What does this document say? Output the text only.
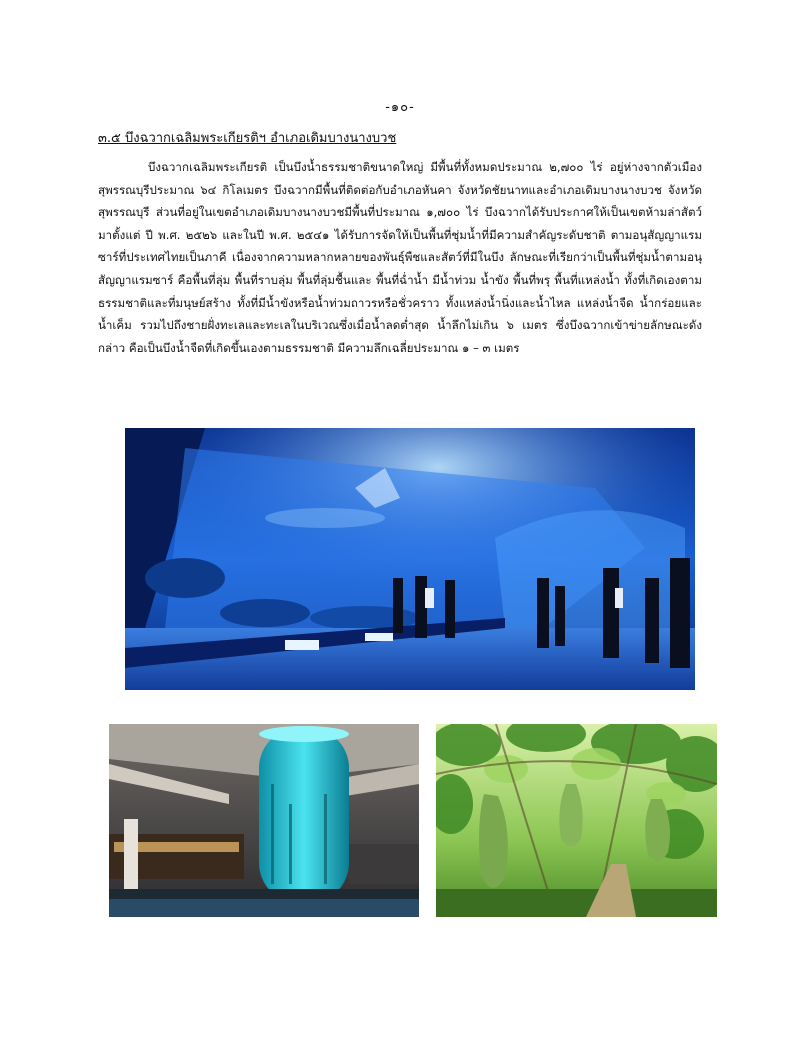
-๑๐-
๓.๕ บึงฉวากเฉลิมพระเกียรติฯ อำเภอเดิมบางนางบวช

บึงฉวากเฉลิมพระเกียรติ เป็นบึงน้ำธรรมชาติขนาดใหญ่ มีพื้นที่ทั้งหมดประมาณ ๒,๗๐๐ ไร่ อยู่ห่างจากตัวเมืองสุพรรณบุรีประมาณ ๖๔ กิโลเมตร บึงฉวากมีพื้นที่ติดต่อกับอำเภอหันคา จังหวัดชัยนาทและอำเภอเดิมบางนางบวช จังหวัดสุพรรณบุรี ส่วนที่อยู่ในเขตอำเภอเดิมบางนางบวชมีพื้นที่ประมาณ ๑,๗๐๐ ไร่ บึงฉวากได้รับประกาศให้เป็นเขตห้ามล่าสัตว์มาตั้งแต่ ปี พ.ศ. ๒๕๒๖ และในปี พ.ศ. ๒๕๔๑ ได้รับการจัดให้เป็นพื้นที่ชุ่มน้ำที่มีความสำคัญระดับชาติ ตามอนุสัญญาแรมซาร์ที่ประเทศไทยเป็นภาคี เนื่องจากความหลากหลายของพันธุ์พืชและสัตว์ที่มีในบึง ลักษณะที่เรียกว่าเป็นพื้นที่ชุ่มน้ำตามอนุสัญญาแรมซาร์ คือพื้นที่ลุ่ม พื้นที่ราบลุ่ม พื้นที่ลุ่มชื้นและ พื้นที่ฉ่ำน้ำ มีน้ำท่วม น้ำขัง พื้นที่พรุ พื้นที่แหล่งน้ำ ทั้งที่เกิดเองตามธรรมชาติและที่มนุษย์สร้าง ทั้งที่มีน้ำขังหรือน้ำท่วมถาวรหรือชั่วคราว ทั้งแหล่งน้ำนิ่งและน้ำไหล แหล่งน้ำจืด น้ำกร่อยและน้ำเค็ม รวมไปถึงชายฝั่งทะเลและทะเลในบริเวณซึ่งเมื่อน้ำลดต่ำสุด น้ำลึกไม่เกิน ๖ เมตร ซึ่งบึงฉวากเข้าข่ายลักษณะดังกล่าว คือเป็นบึงน้ำจืดที่เกิดขึ้นเองตามธรรมชาติ มีความลึกเฉลี่ยประมาณ ๑ – ๓ เมตร
